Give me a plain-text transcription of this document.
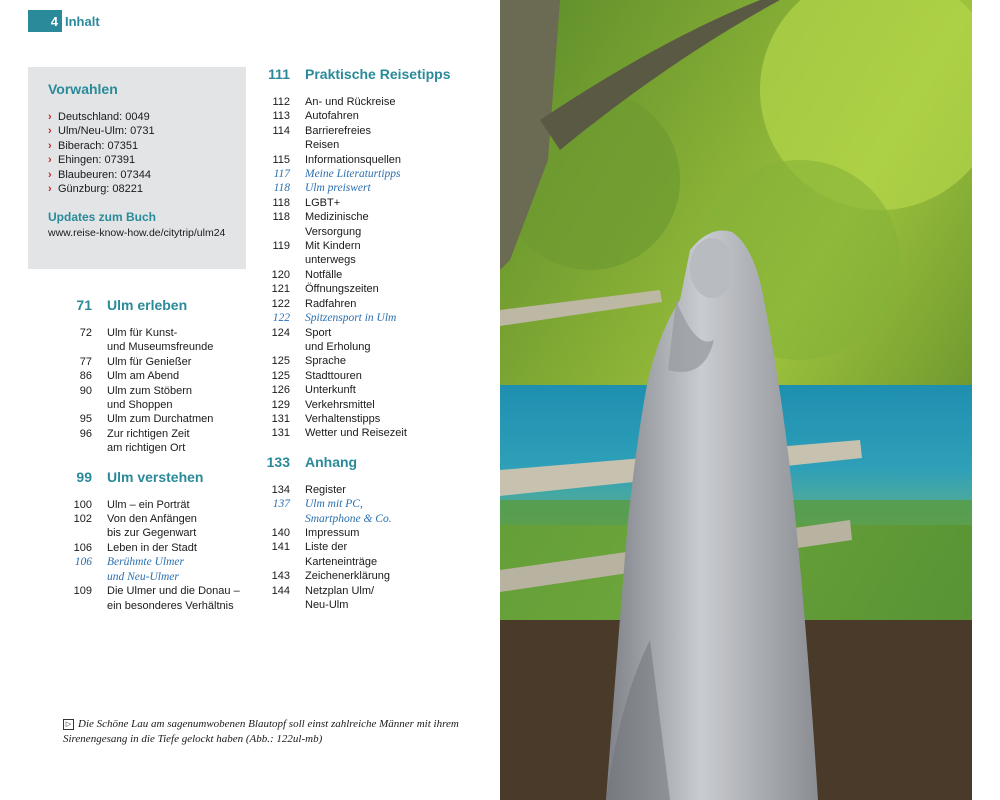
4 Inhalt
Vorwahlen
› Deutschland: 0049
› Ulm/Neu-Ulm: 0731
› Biberach: 07351
› Ehingen: 07391
› Blaubeuren: 07344
› Günzburg: 08221
Updates zum Buch
www.reise-know-how.de/citytrip/ulm24
71 Ulm erleben
72 Ulm für Kunst-
und Museumsfreunde
77 Ulm für Genießer
86 Ulm am Abend
90 Ulm zum Stöbern
und Shoppen
95 Ulm zum Durchatmen
96 Zur richtigen Zeit
am richtigen Ort
99 Ulm verstehen
100 Ulm – ein Porträt
102 Von den Anfängen
bis zur Gegenwart
106 Leben in der Stadt
106 Berühmte Ulmer
und Neu-Ulmer
109 Die Ulmer und die Donau –
ein besonderes Verhältnis
111 Praktische Reisetipps
112 An- und Rückreise
113 Autofahren
114 Barrierefreies
Reisen
115 Informationsquellen
117 Meine Literaturtipps
118 Ulm preiswert
118 LGBT+
118 Medizinische
Versorgung
119 Mit Kindern
unterwegs
120 Notfälle
121 Öffnungszeiten
122 Radfahren
122 Spitzensport in Ulm
124 Sport
und Erholung
125 Sprache
125 Stadttouren
126 Unterkunft
129 Verkehrsmittel
131 Verhaltenstipps
131 Wetter und Reisezeit
133 Anhang
134 Register
137 Ulm mit PC,
Smartphone & Co.
140 Impressum
141 Liste der
Karteneinträge
143 Zeichenerklärung
144 Netzplan Ulm/
Neu-Ulm
▷ Die Schöne Lau am sagenumwobenen Blautopf soll einst zahlreiche Männer mit ihrem Sirenengesang in die Tiefe gelockt haben (Abb.: 122ul-mb)
